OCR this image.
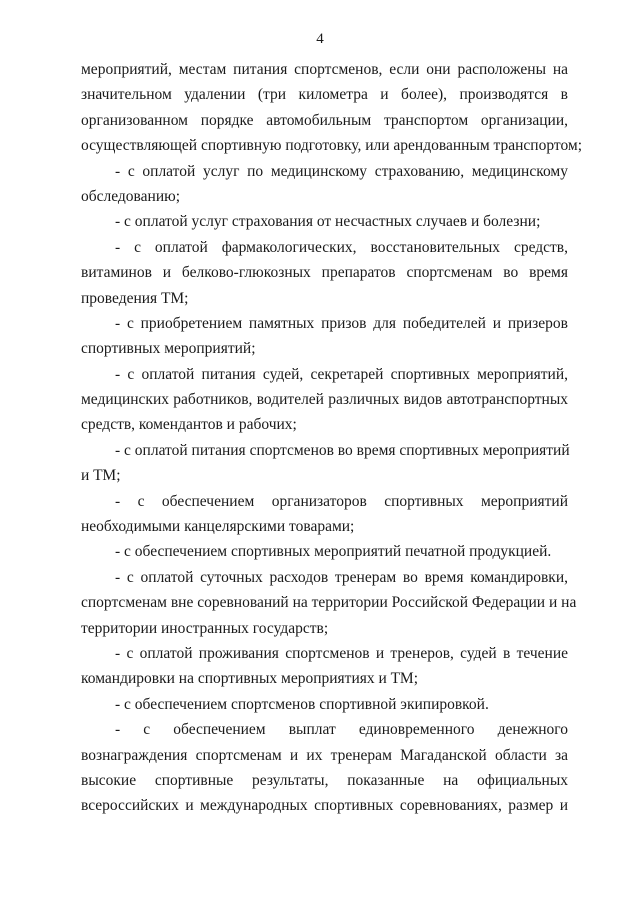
4
мероприятий, местам питания спортсменов, если они расположены на
значительном удалении (три километра и более), производятся в
организованном порядке автомобильным транспортом организации,
осуществляющей спортивную подготовку, или арендованным транспортом;
- с оплатой услуг по медицинскому страхованию, медицинскому
обследованию;
- с оплатой услуг страхования от несчастных случаев и болезни;
- с оплатой фармакологических, восстановительных средств,
витаминов и белково-глюкозных препаратов спортсменам во время
проведения ТМ;
- с приобретением памятных призов для победителей и призеров
спортивных мероприятий;
- с оплатой питания судей, секретарей спортивных мероприятий,
медицинских работников, водителей различных видов автотранспортных
средств, комендантов и рабочих;
- с оплатой питания спортсменов во время спортивных мероприятий
и ТМ;
- с обеспечением организаторов спортивных мероприятий
необходимыми канцелярскими товарами;
- с обеспечением спортивных мероприятий печатной продукцией.
- с оплатой суточных расходов тренерам во время командировки,
спортсменам вне соревнований на территории Российской Федерации и на
территории иностранных государств;
- с оплатой проживания спортсменов и тренеров, судей в течение
командировки на спортивных мероприятиях и ТМ;
- с обеспечением спортсменов спортивной экипировкой.
- с обеспечением выплат единовременного денежного
вознаграждения спортсменам и их тренерам Магаданской области за
высокие спортивные результаты, показанные на официальных
всероссийских и международных спортивных соревнованиях, размер и
